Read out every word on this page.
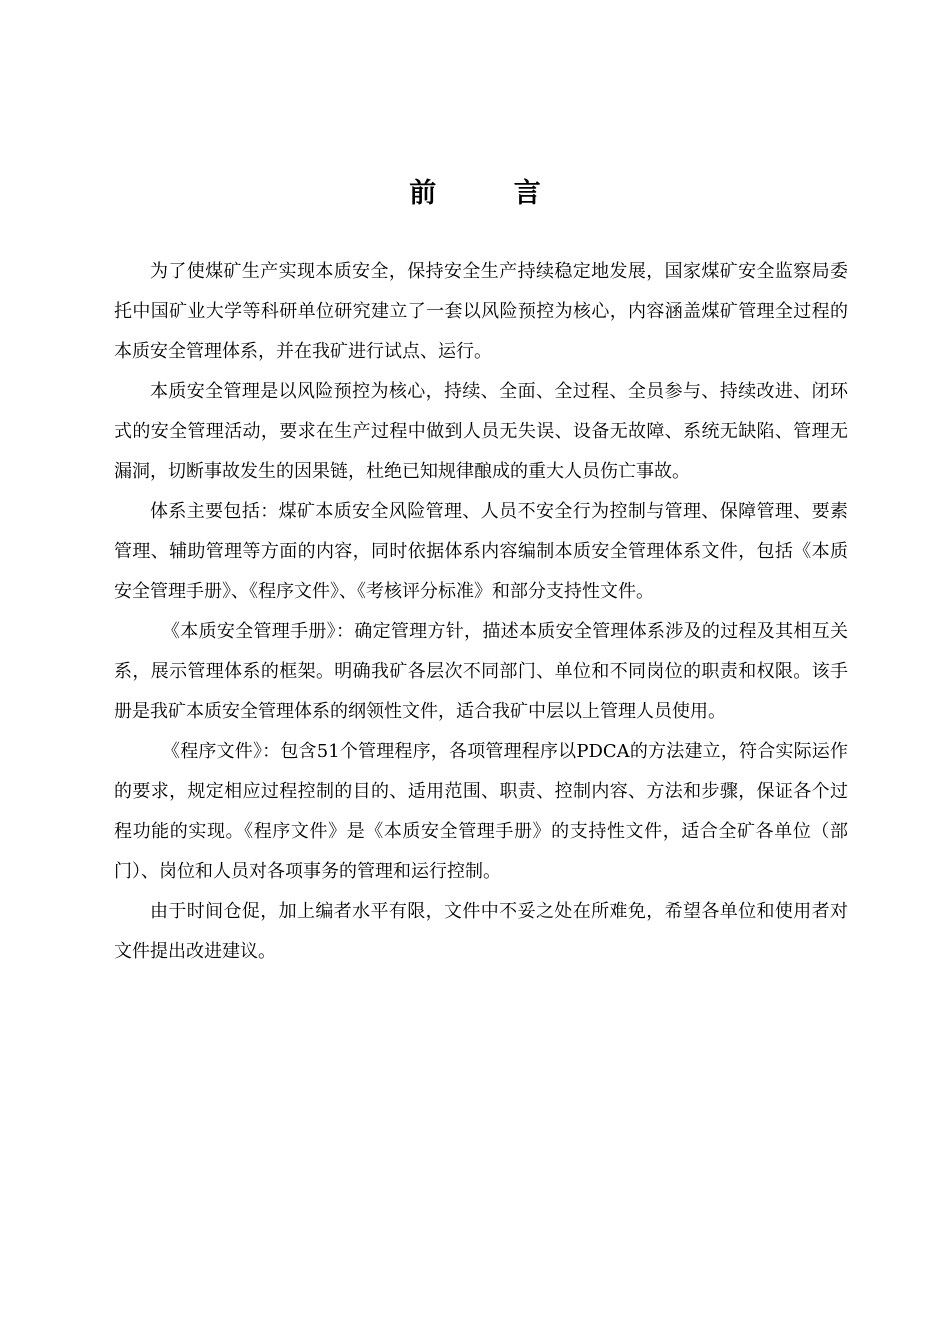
前 言

为了使煤矿生产实现本质安全，保持安全生产持续稳定地发展，国家煤矿安全监察局委托中国矿业大学等科研单位研究建立了一套以风险预控为核心，内容涵盖煤矿管理全过程的本质安全管理体系，并在我矿进行试点、运行。

本质安全管理是以风险预控为核心，持续、全面、全过程、全员参与、持续改进、闭环式的安全管理活动，要求在生产过程中做到人员无失误、设备无故障、系统无缺陷、管理无漏洞，切断事故发生的因果链，杜绝已知规律酿成的重大人员伤亡事故。

体系主要包括：煤矿本质安全风险管理、人员不安全行为控制与管理、保障管理、要素管理、辅助管理等方面的内容，同时依据体系内容编制本质安全管理体系文件，包括《本质安全管理手册》、《程序文件》、《考核评分标准》和部分支持性文件。

《本质安全管理手册》：确定管理方针，描述本质安全管理体系涉及的过程及其相互关系，展示管理体系的框架。明确我矿各层次不同部门、单位和不同岗位的职责和权限。该手册是我矿本质安全管理体系的纲领性文件，适合我矿中层以上管理人员使用。

《程序文件》：包含51个管理程序，各项管理程序以PDCA的方法建立，符合实际运作的要求，规定相应过程控制的目的、适用范围、职责、控制内容、方法和步骤，保证各个过程功能的实现。《程序文件》是《本质安全管理手册》的支持性文件，适合全矿各单位（部门）、岗位和人员对各项事务的管理和运行控制。

由于时间仓促，加上编者水平有限，文件中不妥之处在所难免，希望各单位和使用者对文件提出改进建议。
